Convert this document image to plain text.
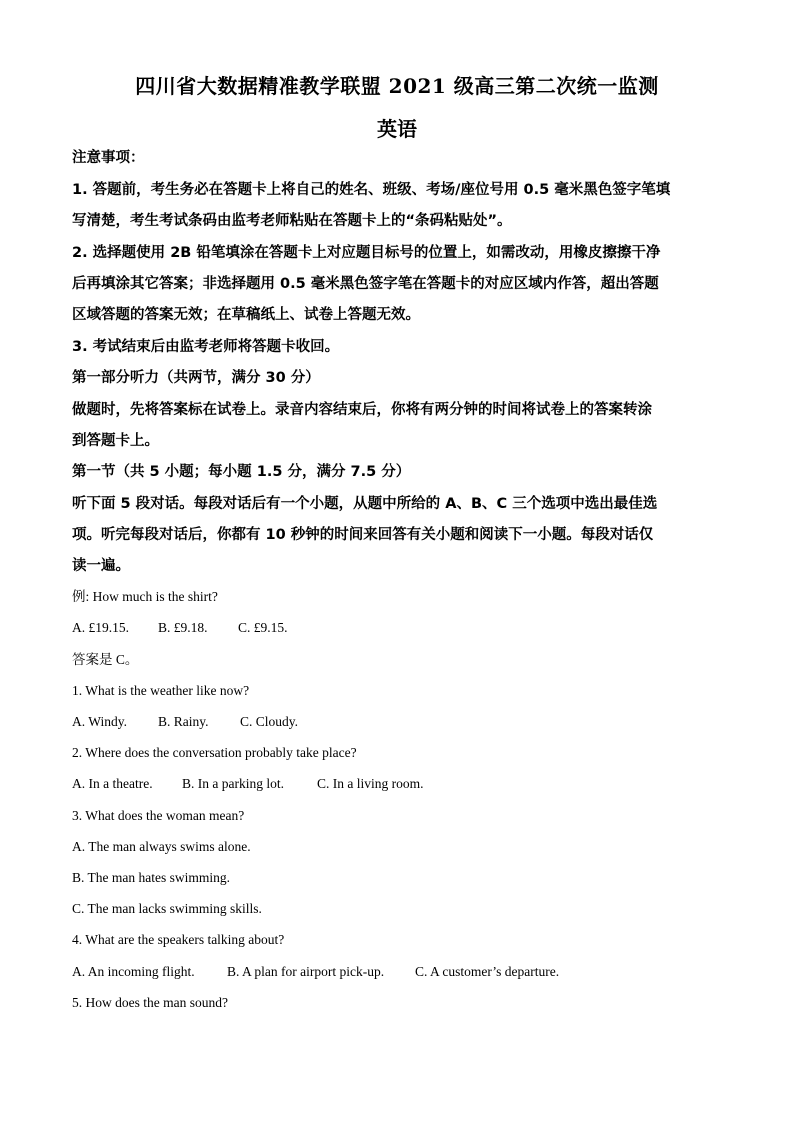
四川省大数据精准教学联盟 2021 级高三第二次统一监测
英语
注意事项：
1. 答题前，考生务必在答题卡上将自己的姓名、班级、考场/座位号用 0.5 毫米黑色签字笔填
写清楚，考生考试条码由监考老师粘贴在答题卡上的“条码粘贴处”。
2. 选择题使用 2B 铅笔填涂在答题卡上对应题目标号的位置上，如需改动，用橡皮擦擦干净
后再填涂其它答案；非选择题用 0.5 毫米黑色签字笔在答题卡的对应区域内作答，超出答题
区域答题的答案无效；在草稿纸上、试卷上答题无效。
3. 考试结束后由监考老师将答题卡收回。
第一部分听力（共两节，满分 30 分）
做题时，先将答案标在试卷上。录音内容结束后，你将有两分钟的时间将试卷上的答案转涂
到答题卡上。
第一节（共 5 小题；每小题 1.5 分，满分 7.5 分）
听下面 5 段对话。每段对话后有一个小题，从题中所给的 A、B、C 三个选项中选出最佳选
项。听完每段对话后，你都有 10 秒钟的时间来回答有关小题和阅读下一小题。每段对话仅
读一遍。
例: How much is the shirt?
A. £19.15. B. £9.18. C. £9.15.
答案是 C。
1. What is the weather like now?
A. Windy. B. Rainy. C. Cloudy.
2. Where does the conversation probably take place?
A. In a theatre. B. In a parking lot. C. In a living room.
3. What does the woman mean?
A. The man always swims alone.
B. The man hates swimming.
C. The man lacks swimming skills.
4. What are the speakers talking about?
A. An incoming flight. B. A plan for airport pick-up. C. A customer’s departure.
5. How does the man sound?
